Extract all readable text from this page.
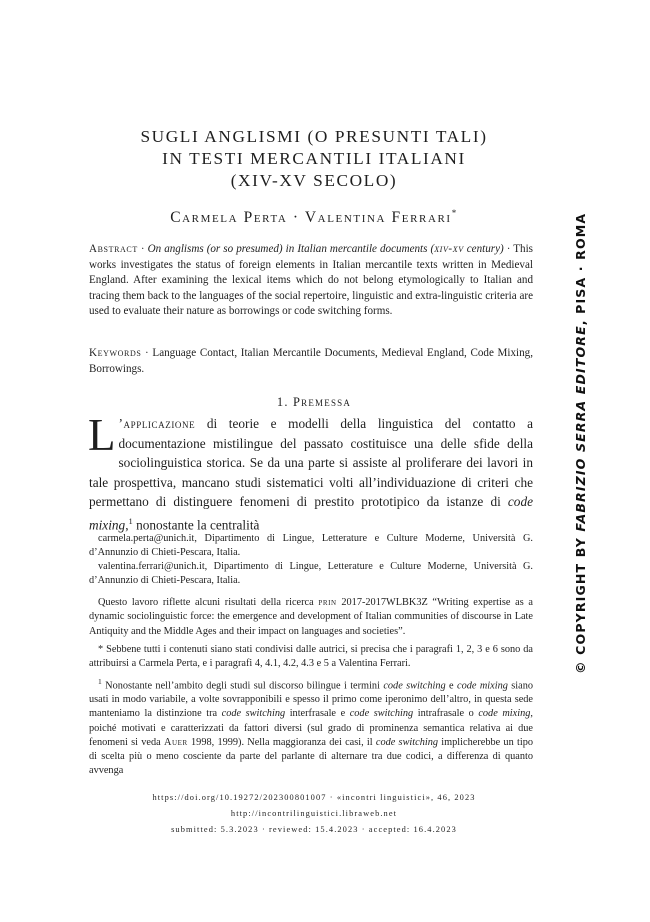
SUGLI ANGLISMI (O PRESUNTI TALI)
IN TESTI MERCANTILI ITALIANI
(XIV-XV SECOLO)
Carmela Perta · Valentina Ferrari*

Abstract · On anglisms (or so presumed) in Italian mercantile documents (xiv-xv century) · This works investigates the status of foreign elements in Italian mercantile texts written in Medieval England. After examining the lexical items which do not belong etymologically to Italian and tracing them back to the languages of the social repertoire, linguistic and extra-linguistic criteria are used to evaluate their nature as borrowings or code switching forms.

Keywords · Language Contact, Italian Mercantile Documents, Medieval England, Code Mixing, Borrowings.

1. Premessa

L ’applicazione di teorie e modelli della linguistica del contatto a documentazione mistilingue del passato costituisce una delle sfide della sociolinguistica storica. Se da una parte si assiste al proliferare dei lavori in tale prospettiva, mancano studi sistematici volti all’individuazione di criteri che permettano di distinguere fenomeni di prestito prototipico da istanze di code mixing,$^1$ nonostante la centralità

carmela.perta@unich.it, Dipartimento di Lingue, Letterature e Culture Moderne, Università G. d’Annunzio di Chieti-Pescara, Italia.

valentina.ferrari@unich.it, Dipartimento di Lingue, Letterature e Culture Moderne, Università G. d’Annunzio di Chieti-Pescara, Italia.

Questo lavoro riflette alcuni risultati della ricerca prin 2017-2017WLBK3Z “Writing expertise as a dynamic sociolinguistic force: the emergence and development of Italian communities of discourse in Late Antiquity and the Middle Ages and their impact on languages and societies”.

* Sebbene tutti i contenuti siano stati condivisi dalle autrici, si precisa che i paragrafi 1, 2, 3 e 6 sono da attribuirsi a Carmela Perta, e i paragrafi 4, 4.1, 4.2, 4.3 e 5 a Valentina Ferrari.

$^1$ Nonostante nell’ambito degli studi sul discorso bilingue i termini code switching e code mixing siano usati in modo variabile, a volte sovrapponibili e spesso il primo come iperonimo dell’altro, in questa sede manteniamo la distinzione tra code switching interfrasale e code switching intrafrasale o code mixing, poiché motivati e caratterizzati da fattori diversi (sul grado di prominenza semantica relativa ai due fenomeni si veda Auer 1998, 1999). Nella maggioranza dei casi, il code switching implicherebbe un tipo di scelta più o meno cosciente da parte del parlante di alternare tra due codici, a differenza di quanto avvenga

https://doi.org/10.19272/202300801007 · «incontri linguistici», 46, 2023
http://incontrilinguistici.libraweb.net
submitted: 5.3.2023 · reviewed: 15.4.2023 · accepted: 16.4.2023
© COPYRIGHT BY FABRIZIO SERRA EDITORE, PISA · ROMA
